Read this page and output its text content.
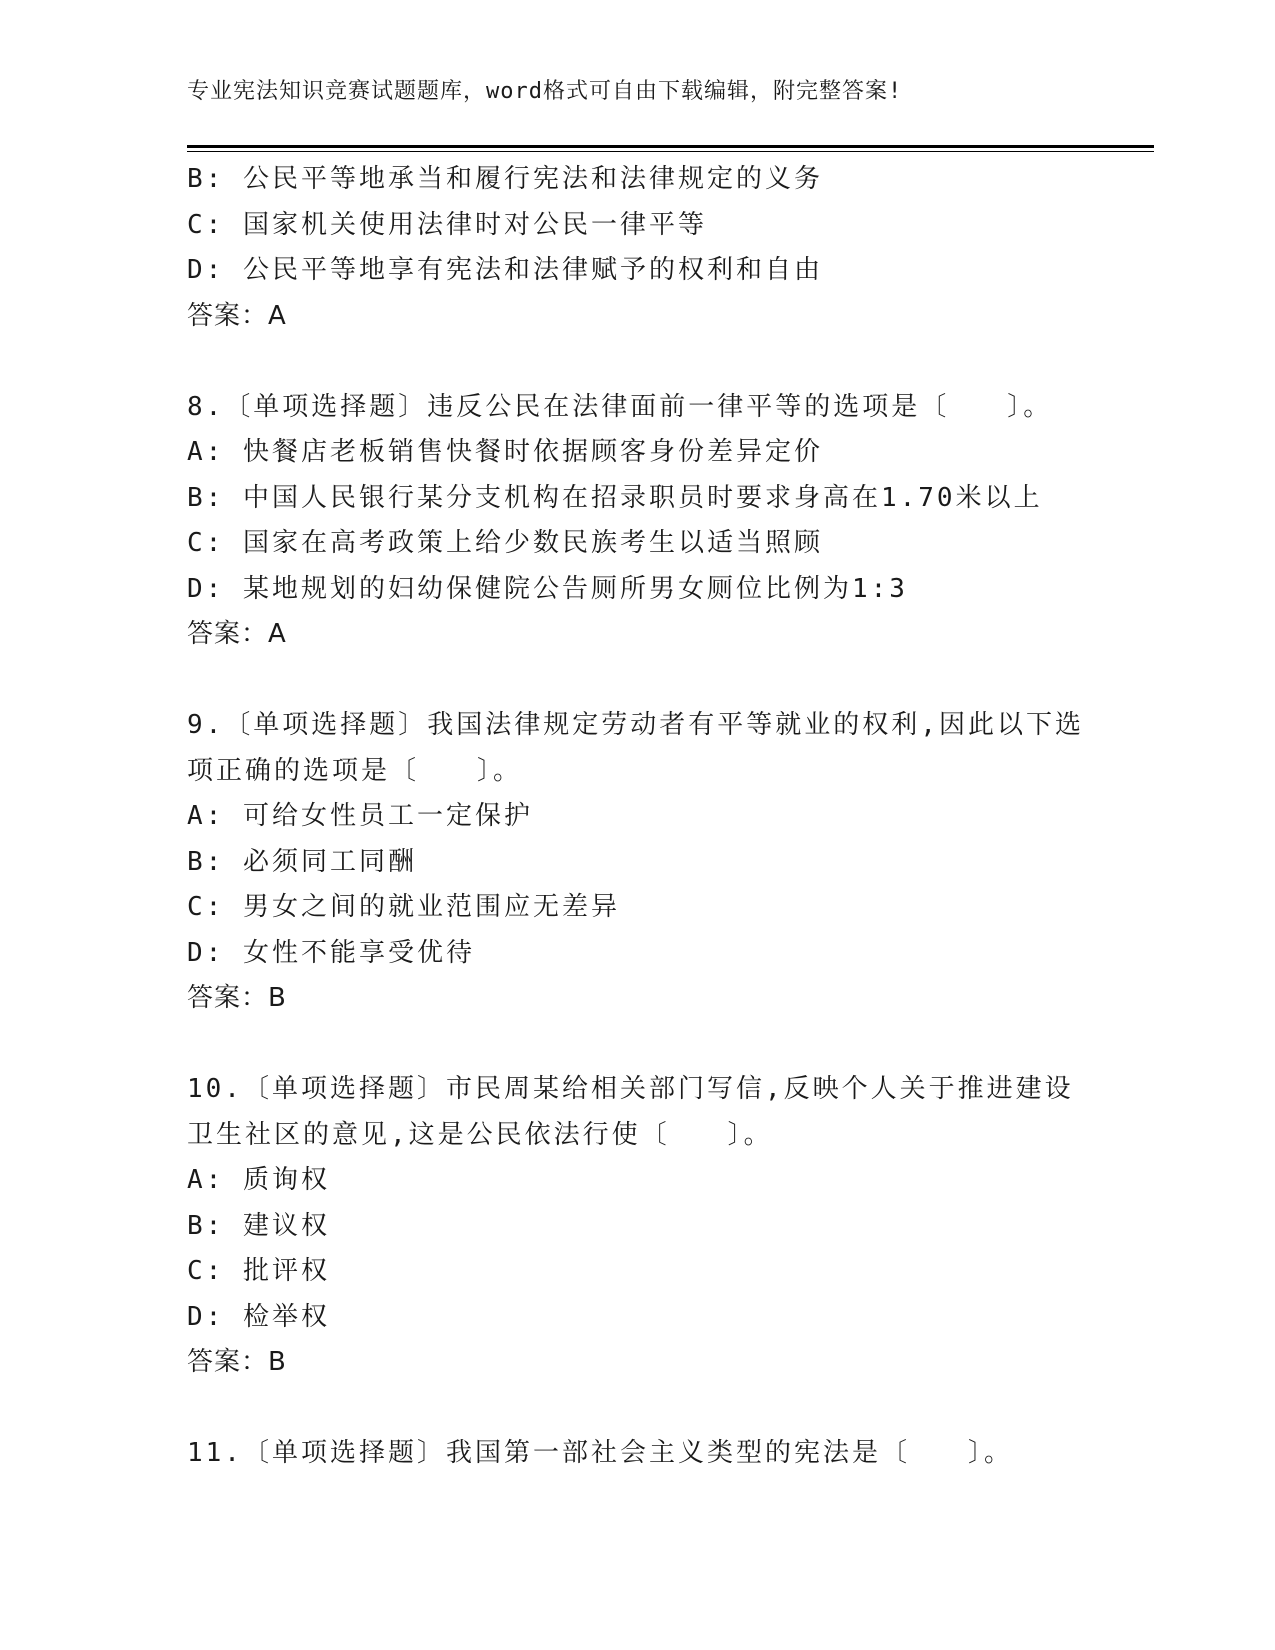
专业宪法知识竞赛试题题库，word格式可自由下载编辑，附完整答案!
B: 公民平等地承当和履行宪法和法律规定的义务
C: 国家机关使用法律时对公民一律平等
D: 公民平等地享有宪法和法律赋予的权利和自由
答案：A
8.〔单项选择题〕违反公民在法律面前一律平等的选项是〔　　〕。
A: 快餐店老板销售快餐时依据顾客身份差异定价
B: 中国人民银行某分支机构在招录职员时要求身高在1.70米以上
C: 国家在高考政策上给少数民族考生以适当照顾
D: 某地规划的妇幼保健院公告厕所男女厕位比例为1:3
答案：A
9.〔单项选择题〕我国法律规定劳动者有平等就业的权利,因此以下选
项正确的选项是〔　　〕。
A: 可给女性员工一定保护
B: 必须同工同酬
C: 男女之间的就业范围应无差异
D: 女性不能享受优待
答案：B
10.〔单项选择题〕市民周某给相关部门写信,反映个人关于推进建设
卫生社区的意见,这是公民依法行使〔　　〕。
A: 质询权
B: 建议权
C: 批评权
D: 检举权
答案：B
11.〔单项选择题〕我国第一部社会主义类型的宪法是〔　　〕。
